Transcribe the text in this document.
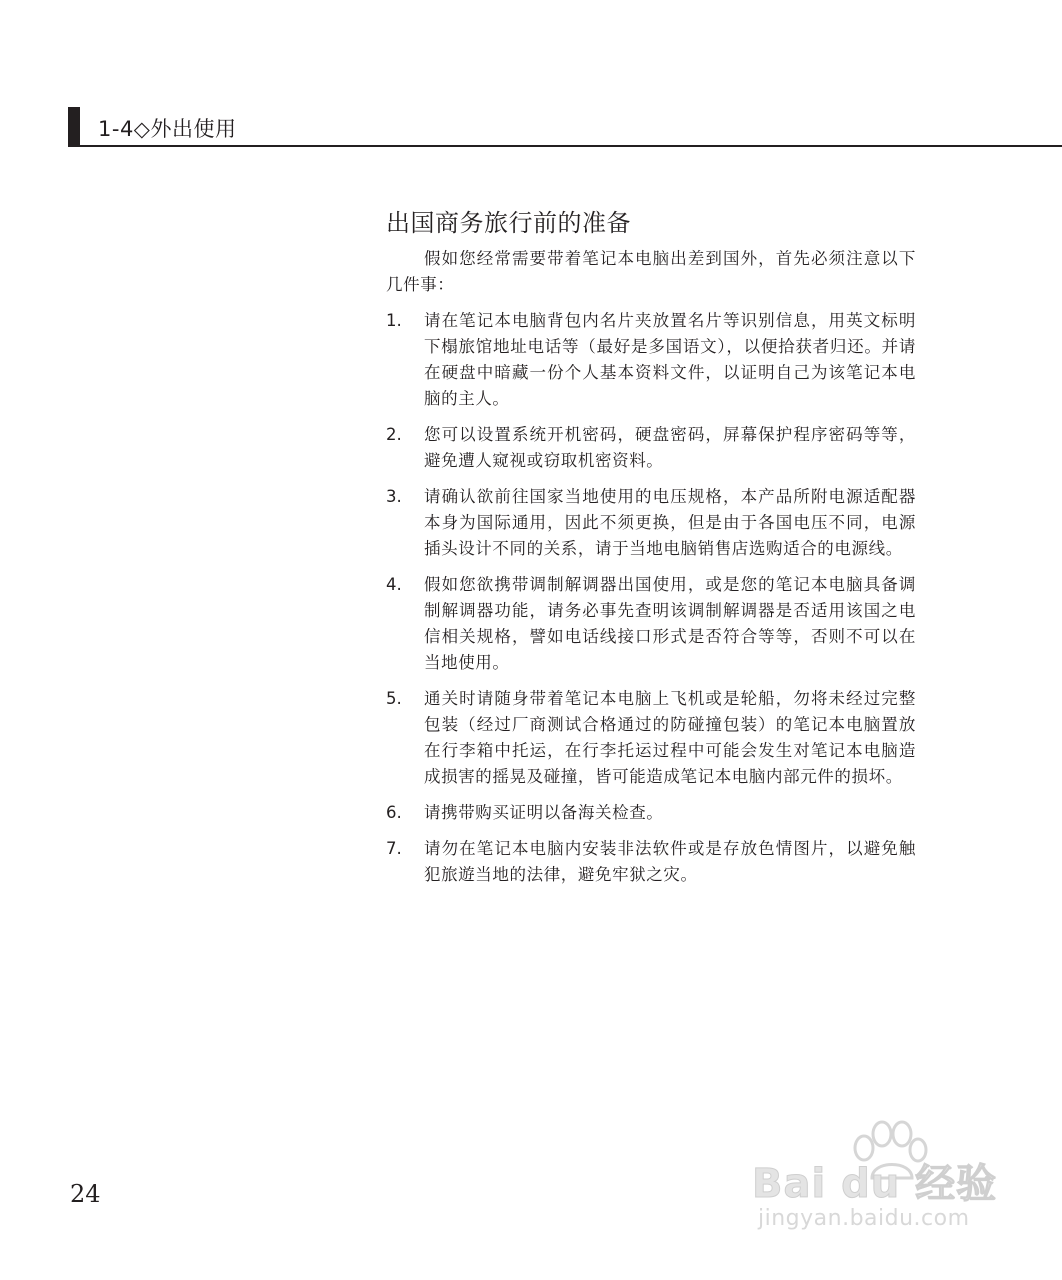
1-4◇外出使用
出国商务旅行前的准备

假如您经常需要带着笔记本电脑出差到国外，首先必须注意以下几件事：

1.	请在笔记本电脑背包内名片夹放置名片等识别信息，用英文标明下榻旅馆地址电话等（最好是多国语文），以便拾获者归还。并请在硬盘中暗藏一份个人基本资料文件，以证明自己为该笔记本电脑的主人。
2.	您可以设置系统开机密码，硬盘密码，屏幕保护程序密码等等，避免遭人窥视或窃取机密资料。
3.	请确认欲前往国家当地使用的电压规格，本产品所附电源适配器本身为国际通用，因此不须更换，但是由于各国电压不同，电源插头设计不同的关系，请于当地电脑销售店选购适合的电源线。
4.	假如您欲携带调制解调器出国使用，或是您的笔记本电脑具备调制解调器功能，请务必事先查明该调制解调器是否适用该国之电信相关规格，譬如电话线接口形式是否符合等等，否则不可以在当地使用。
5.	通关时请随身带着笔记本电脑上飞机或是轮船，勿将未经过完整包装（经过厂商测试合格通过的防碰撞包装）的笔记本电脑置放在行李箱中托运，在行李托运过程中可能会发生对笔记本电脑造成损害的摇晃及碰撞，皆可能造成笔记本电脑内部元件的损坏。
6.	请携带购买证明以备海关检查。
7.	请勿在笔记本电脑内安装非法软件或是存放色情图片，以避免触犯旅遊当地的法律，避免牢狱之灾。
24	Bai du 经验
jingyan.baidu.com
